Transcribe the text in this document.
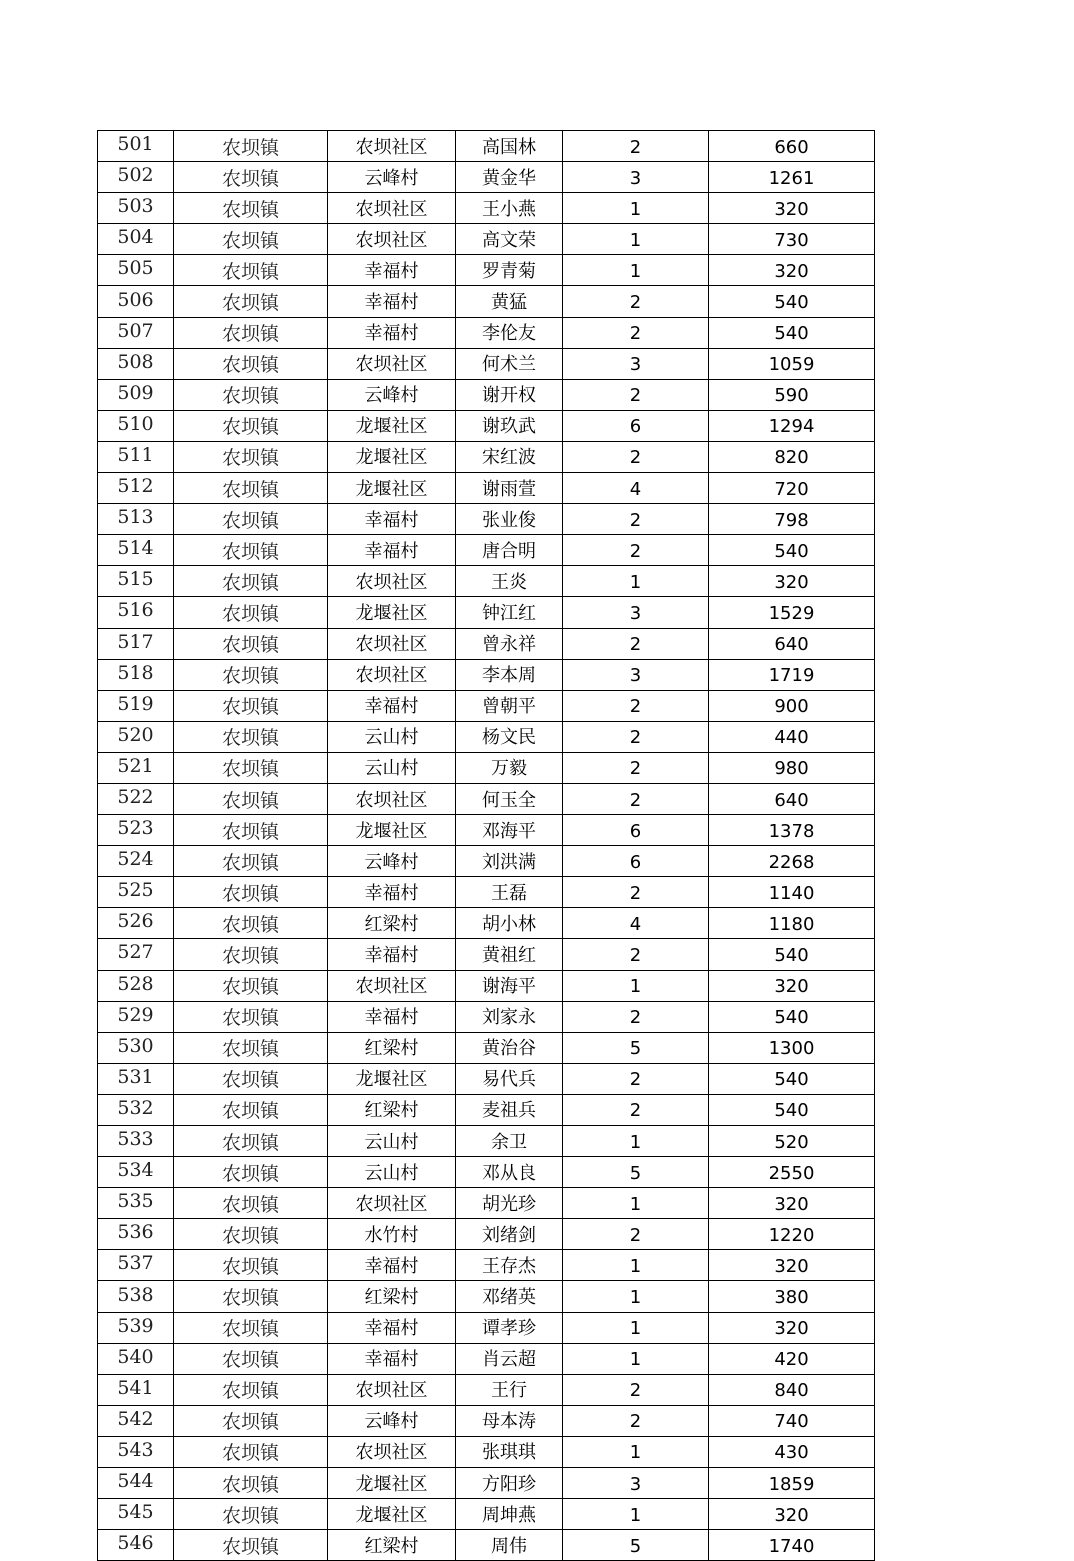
501	农坝镇	农坝社区	高国林	2	660
502	农坝镇	云峰村	黄金华	3	1261
503	农坝镇	农坝社区	王小燕	1	320
504	农坝镇	农坝社区	高文荣	1	730
505	农坝镇	幸福村	罗青菊	1	320
506	农坝镇	幸福村	黄猛	2	540
507	农坝镇	幸福村	李伦友	2	540
508	农坝镇	农坝社区	何术兰	3	1059
509	农坝镇	云峰村	谢开权	2	590
510	农坝镇	龙堰社区	谢玖武	6	1294
511	农坝镇	龙堰社区	宋红波	2	820
512	农坝镇	龙堰社区	谢雨萱	4	720
513	农坝镇	幸福村	张业俊	2	798
514	农坝镇	幸福村	唐合明	2	540
515	农坝镇	农坝社区	王炎	1	320
516	农坝镇	龙堰社区	钟江红	3	1529
517	农坝镇	农坝社区	曾永祥	2	640
518	农坝镇	农坝社区	李本周	3	1719
519	农坝镇	幸福村	曾朝平	2	900
520	农坝镇	云山村	杨文民	2	440
521	农坝镇	云山村	万毅	2	980
522	农坝镇	农坝社区	何玉全	2	640
523	农坝镇	龙堰社区	邓海平	6	1378
524	农坝镇	云峰村	刘洪满	6	2268
525	农坝镇	幸福村	王磊	2	1140
526	农坝镇	红梁村	胡小林	4	1180
527	农坝镇	幸福村	黄祖红	2	540
528	农坝镇	农坝社区	谢海平	1	320
529	农坝镇	幸福村	刘家永	2	540
530	农坝镇	红梁村	黄治谷	5	1300
531	农坝镇	龙堰社区	易代兵	2	540
532	农坝镇	红梁村	麦祖兵	2	540
533	农坝镇	云山村	余卫	1	520
534	农坝镇	云山村	邓从良	5	2550
535	农坝镇	农坝社区	胡光珍	1	320
536	农坝镇	水竹村	刘绪剑	2	1220
537	农坝镇	幸福村	王存杰	1	320
538	农坝镇	红梁村	邓绪英	1	380
539	农坝镇	幸福村	谭孝珍	1	320
540	农坝镇	幸福村	肖云超	1	420
541	农坝镇	农坝社区	王行	2	840
542	农坝镇	云峰村	母本涛	2	740
543	农坝镇	农坝社区	张琪琪	1	430
544	农坝镇	龙堰社区	方阳珍	3	1859
545	农坝镇	龙堰社区	周坤燕	1	320
546	农坝镇	红梁村	周伟	5	1740
